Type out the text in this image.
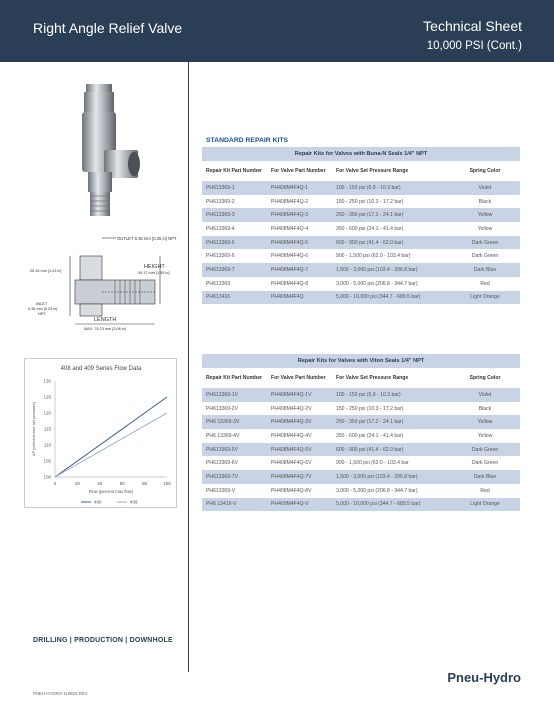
Right Angle Relief Valve	Technical Sheet
10,000 PSI (Cont.)
OUTLET 6.35 mm [0.25 in] NPT
HEIGHT
39.37 mm [1.55 in]
26.16 mm [1.03 in]
INLET
6.35 mm [0.25 in]
NPT
LENGTH
MAX. 78.23 mm [3.08 in]
408 and 409 Series Flow Data
0	20	40	60	80	100
100
105
110
115
120
125
130
Flow (percent max flow)
ΔP (percent over set pressure)
408	409
STANDARD REPAIR KITS
Repair Kits for Valves with Buna-N Seals 1/4" NPT			
Repair Kit Part Number	For Valve Part Number	For Valve Set Pressure Range	Spring Color
PH613369-1	PH408M4F4Q-1	100 - 150 psi (6.9 - 10.3 bar)	Violet
PH613369-2	PH408M4F4Q-2	150 - 250 psi (10.3 - 17.2 bar)	Black
PH613369-3	PH408M4F4Q-3	250 - 350 psi (17.2 - 24.1 bar)	Yellow
PH613369-4	PH408M4F4Q-4	350 - 600 psi (24.1 - 41.4 bar)	Yellow
PH613369-5	PH408M4F4Q-5	600 - 900 psi (41.4 - 62.0 bar)	Dark Green
PH613369-6	PH408M4F4Q-6	900 - 1,500 psi (62.0 - 103.4 bar)	Dark Green
PH613369-7	PH408M4F4Q-7	1,500 - 3,000 psi (103.4 - 206.8 bar)	Dark Blue
PH613369	PH408M4F4Q-8	3,000 - 5,000 psi (206.8 - 344.7 bar)	Red
PH613416	PH409M4F4Q	5,000 - 10,000 psi (344.7 - 689.5 bar)	Light Orange
Repair Kits for Valves with Viton Seals 1/4" NPT			
Repair Kit Part Number	For Valve Part Number	For Valve Set Pressure Range	Spring Color
PH613369-1V	PH408M4F4Q-1V	100 - 150 psi (6.9 - 10.3 bar)	Violet
PH613369-2V	PH408M4F4Q-2V	150 - 250 psi (10.3 - 17.2 bar)	Black
PH6 13369-3V	PH408M4F4Q-3V	250 - 350 psi (17.2 - 24.1 bar)	Yellow
PH6 13369-4V	PH408M4F4Q-4V	350 - 600 psi (24.1 - 41.4 bar)	Yellow
PH613369-5V	PH408M4F4Q-5V	600 - 900 psi (41.4 - 62.0 bar)	Dark Green
PH613369-6V	PH408M4F4Q-6V	900 - 1,500 psi (62.0 - 103.4 bar	Dark Green
PH613369-7V	PH408M4F4Q-7V	1,500 - 3,000 psi (103.4 - 206.8 bar)	Dark Blue
PH613369-V	PH408M4F4Q-8V	3,000 - 5,000 psi (206.8 - 344.7 bar)	Red
PH6 13416-V	PH409M4F4Q-V	5,000 - 10,000 psi (344.7 - 689.5 bar)	Light Orange
DRILLING | PRODUCTION | DOWNHOLE
Pneu-Hydro
PNEU-HYDRO-110824-REV
